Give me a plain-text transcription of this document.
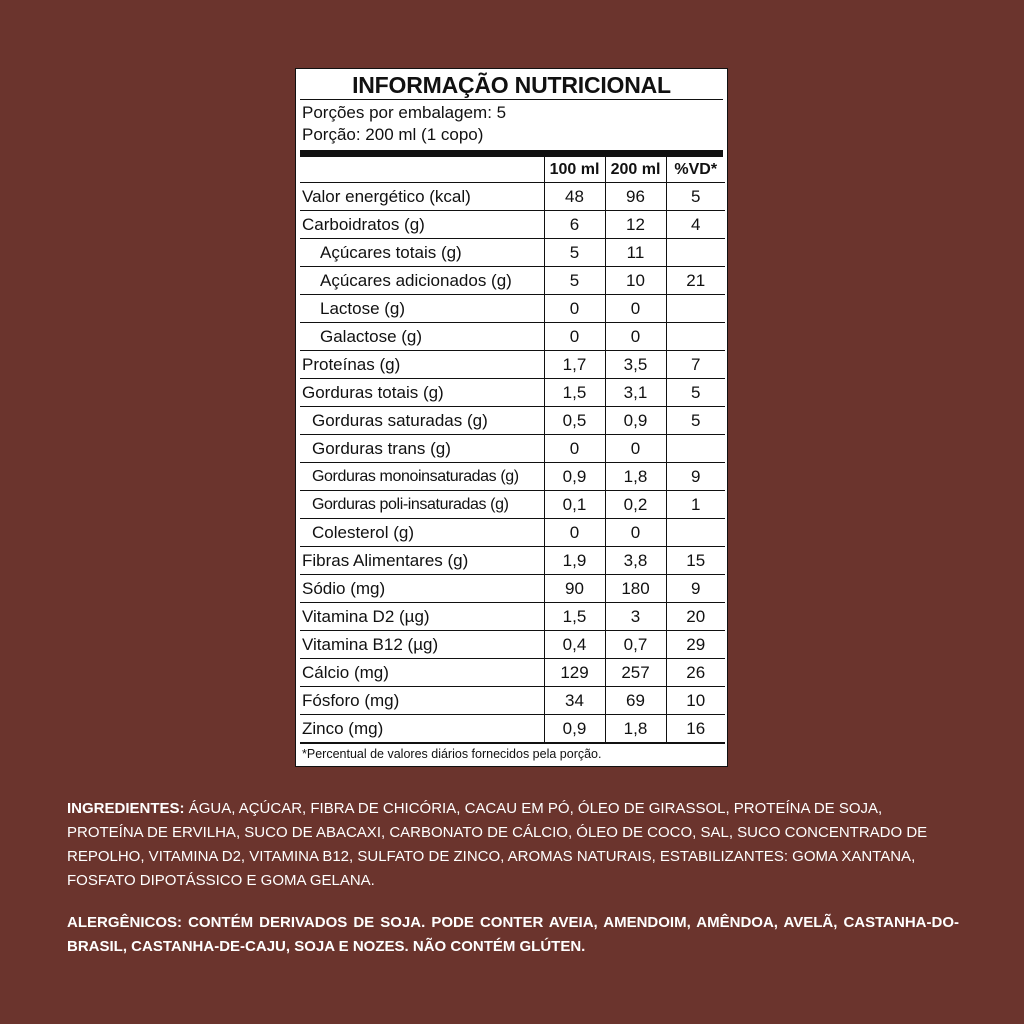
INFORMAÇÃO NUTRICIONAL
Porções por embalagem: 5
Porção: 200 ml (1 copo)
	100 ml	200 ml	%VD*
Valor energético (kcal)	48	96	5
Carboidratos (g)	6	12	4
Açúcares totais (g)	5	11	
Açúcares adicionados (g)	5	10	21
Lactose (g)	0	0	
Galactose (g)	0	0	
Proteínas (g)	1,7	3,5	7
Gorduras totais (g)	1,5	3,1	5
Gorduras saturadas (g)	0,5	0,9	5
Gorduras trans (g)	0	0	
Gorduras monoinsaturadas (g)	0,9	1,8	9
Gorduras poli-insaturadas (g)	0,1	0,2	1
Colesterol (g)	0	0	
Fibras Alimentares (g)	1,9	3,8	15
Sódio (mg)	90	180	9
Vitamina D2 (µg)	1,5	3	20
Vitamina B12 (µg)	0,4	0,7	29
Cálcio (mg)	129	257	26
Fósforo (mg)	34	69	10
Zinco (mg)	0,9	1,8	16
*Percentual de valores diários fornecidos pela porção.
INGREDIENTES: ÁGUA, AÇÚCAR, FIBRA DE CHICÓRIA, CACAU EM PÓ, ÓLEO DE GIRASSOL, PROTEÍNA DE SOJA, PROTEÍNA DE ERVILHA, SUCO DE ABACAXI, CARBONATO DE CÁLCIO, ÓLEO DE COCO, SAL, SUCO CONCENTRADO DE REPOLHO, VITAMINA D2, VITAMINA B12, SULFATO DE ZINCO, AROMAS NATURAIS, ESTABILIZANTES: GOMA XANTANA, FOSFATO DIPOTÁSSICO E GOMA GELANA.
ALERGÊNICOS: CONTÉM DERIVADOS DE SOJA. PODE CONTER AVEIA, AMENDOIM, AMÊNDOA, AVELÃ, CASTANHA-DO-BRASIL, CASTANHA-DE-CAJU, SOJA E NOZES. NÃO CONTÉM GLÚTEN.
